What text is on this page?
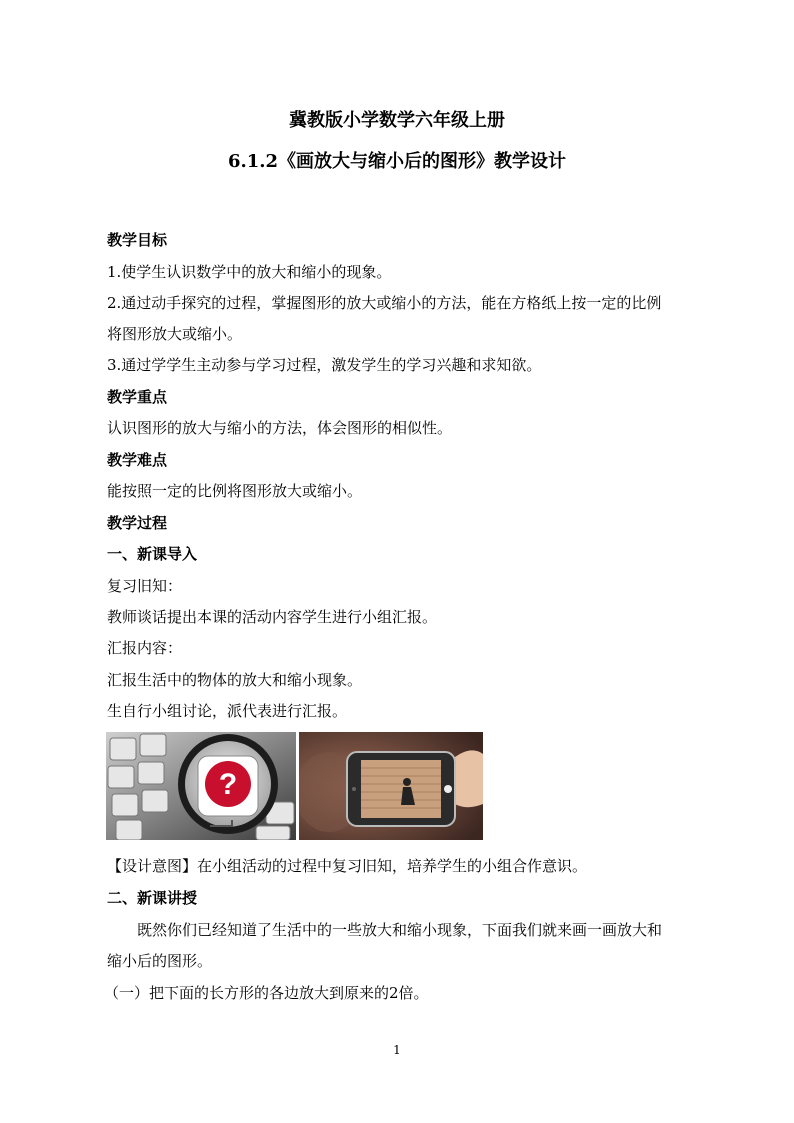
冀教版小学数学六年级上册
6.1.2《画放大与缩小后的图形》教学设计
教学目标
1.使学生认识数学中的放大和缩小的现象。
2.通过动手探究的过程，掌握图形的放大或缩小的方法，能在方格纸上按一定的比例
将图形放大或缩小。
3.通过学学生主动参与学习过程，激发学生的学习兴趣和求知欲。
教学重点
认识图形的放大与缩小的方法，体会图形的相似性。
教学难点
能按照一定的比例将图形放大或缩小。
教学过程
一、新课导入
复习旧知：
教师谈话提出本课的活动内容学生进行小组汇报。
汇报内容：
汇报生活中的物体的放大和缩小现象。
生自行小组讨论，派代表进行汇报。
?
【设计意图】在小组活动的过程中复习旧知，培养学生的小组合作意识。
二、新课讲授
既然你们已经知道了生活中的一些放大和缩小现象，下面我们就来画一画放大和
缩小后的图形。
（一）把下面的长方形的各边放大到原来的2倍。
1
